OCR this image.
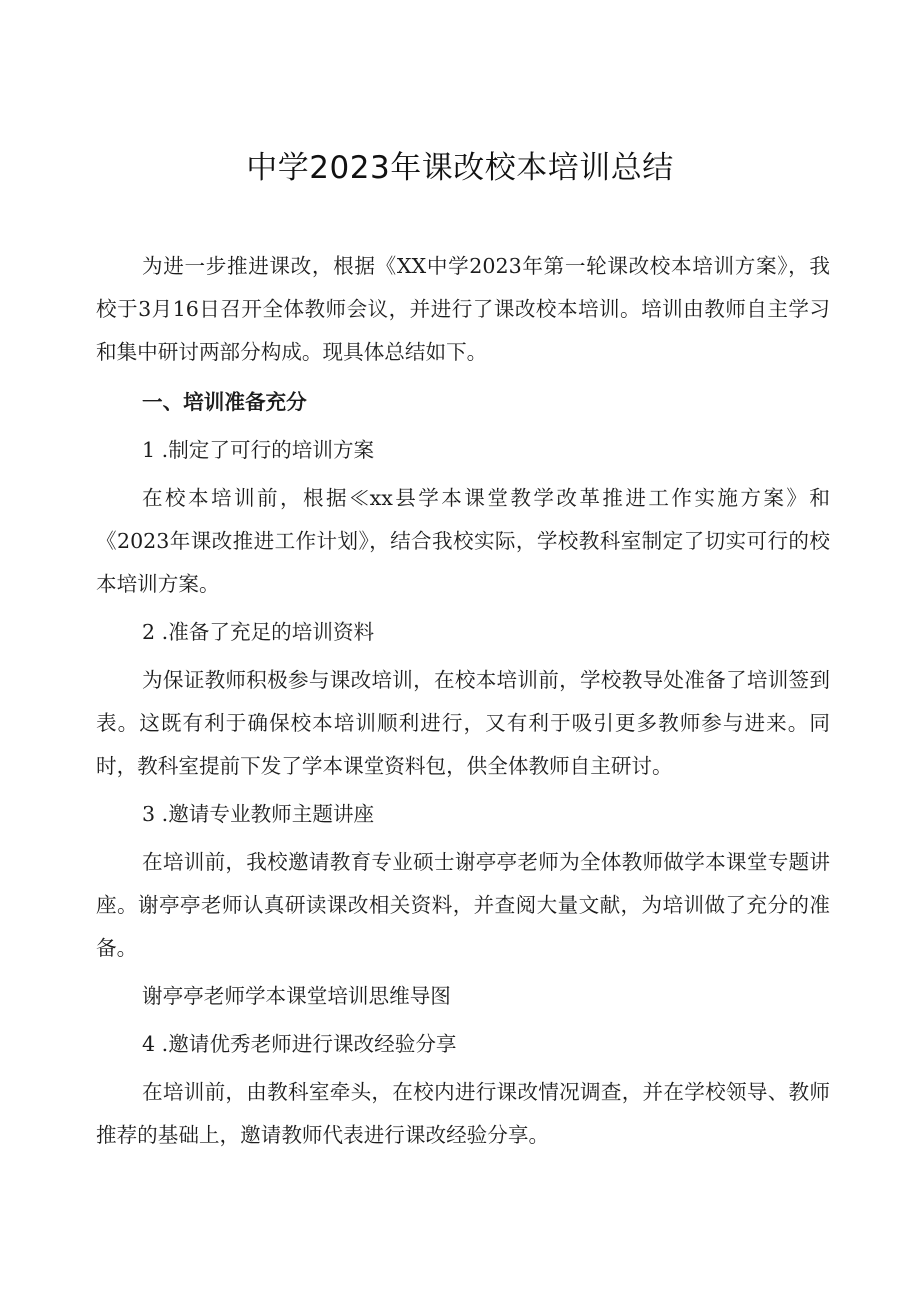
中学2023年课改校本培训总结

为进一步推进课改，根据《XX中学2023年第一轮课改校本培训方案》，我校于3月16日召开全体教师会议，并进行了课改校本培训。培训由教师自主学习和集中研讨两部分构成。现具体总结如下。

一、培训准备充分

1 .制定了可行的培训方案

在校本培训前，根据≪xx县学本课堂教学改革推进工作实施方案》和《2023年课改推进工作计划》，结合我校实际，学校教科室制定了切实可行的校本培训方案。

2 .准备了充足的培训资料

为保证教师积极参与课改培训，在校本培训前，学校教导处准备了培训签到表。这既有利于确保校本培训顺利进行，又有利于吸引更多教师参与进来。同时，教科室提前下发了学本课堂资料包，供全体教师自主研讨。

3 .邀请专业教师主题讲座

在培训前，我校邀请教育专业硕士谢亭亭老师为全体教师做学本课堂专题讲座。谢亭亭老师认真研读课改相关资料，并查阅大量文献，为培训做了充分的准备。

谢亭亭老师学本课堂培训思维导图

4 .邀请优秀老师进行课改经验分享

在培训前，由教科室牵头，在校内进行课改情况调查，并在学校领导、教师推荐的基础上，邀请教师代表进行课改经验分享。
